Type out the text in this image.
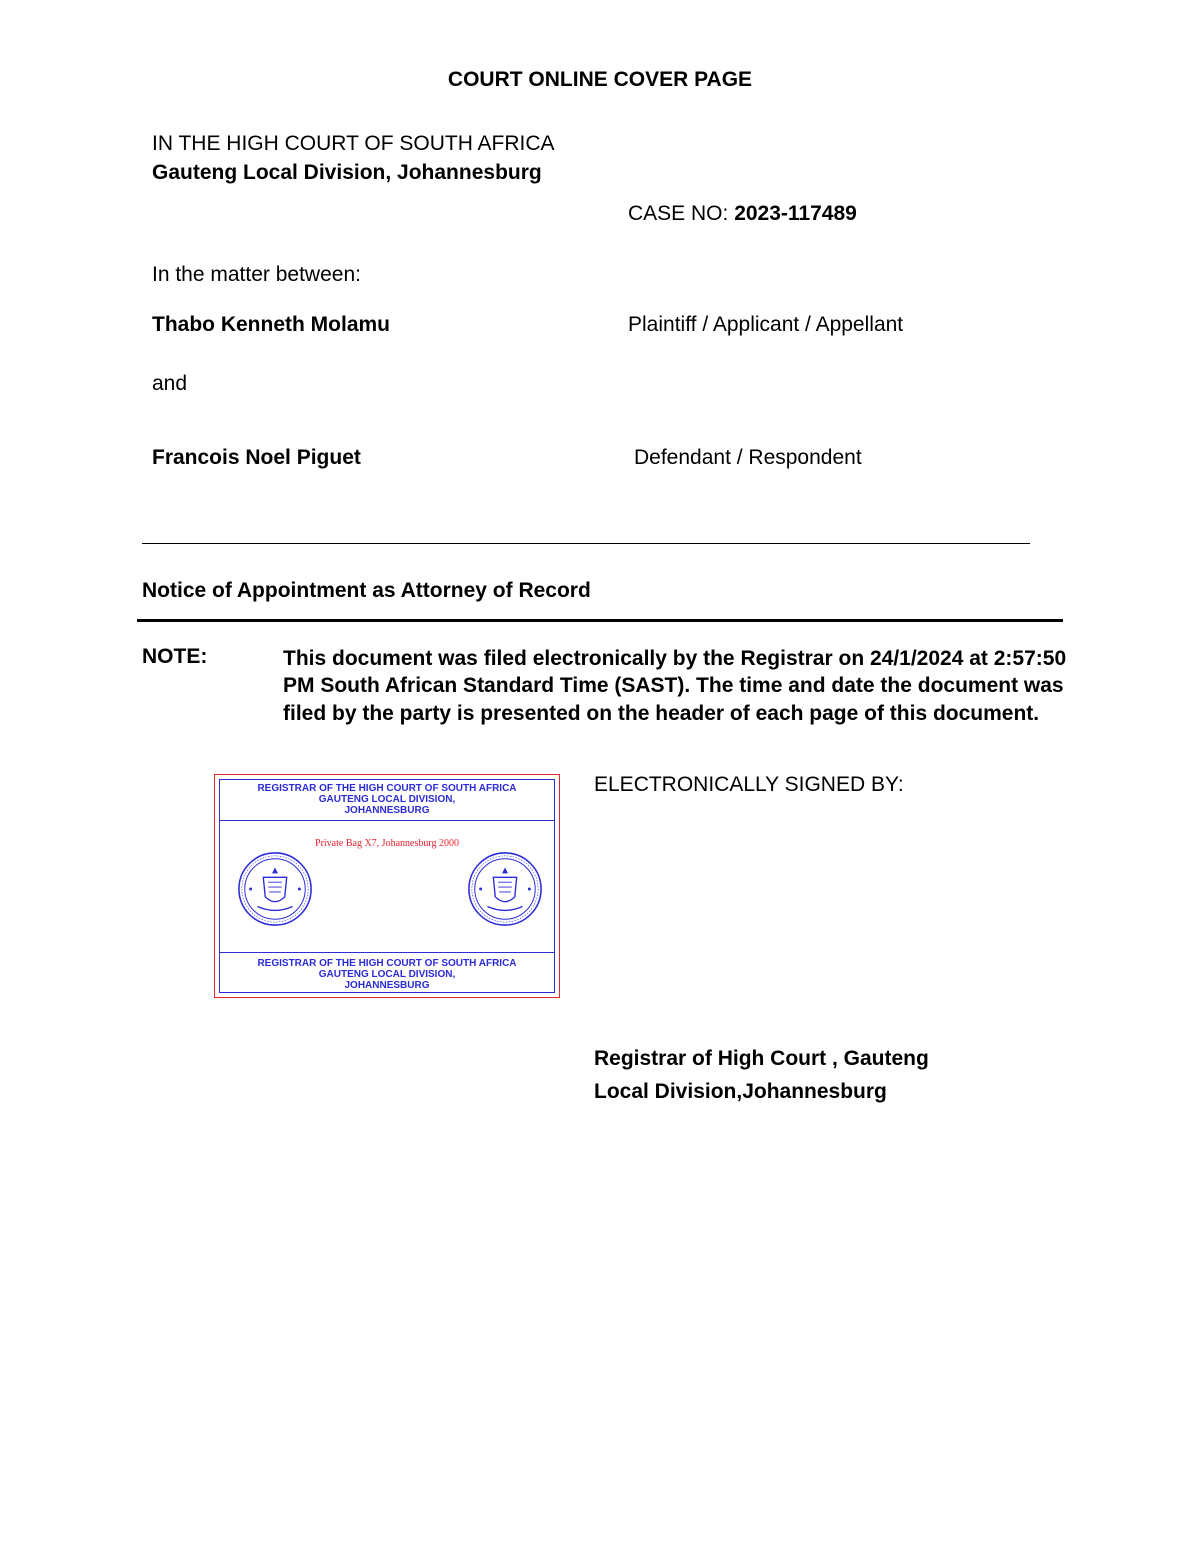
COURT ONLINE COVER PAGE
IN THE HIGH COURT OF SOUTH AFRICA
Gauteng Local Division, Johannesburg
CASE NO: 2023-117489
In the matter between:
Thabo Kenneth Molamu	Plaintiff / Applicant / Appellant
and
Francois Noel Piguet	Defendant / Respondent
Notice of Appointment as Attorney of Record
NOTE:	This document was filed electronically by the Registrar on 24/1/2024 at 2:57:50 PM South African Standard Time (SAST). The time and date the document was filed by the party is presented on the header of each page of this document.
REGISTRAR OF THE HIGH COURT OF SOUTH AFRICA
GAUTENG LOCAL DIVISION,
JOHANNESBURG
Private Bag X7, Johannesburg 2000
REGISTRAR OF THE HIGH COURT OF SOUTH AFRICA
GAUTENG LOCAL DIVISION,
JOHANNESBURG
ELECTRONICALLY SIGNED BY:
Registrar of High Court , Gauteng
Local Division,Johannesburg
